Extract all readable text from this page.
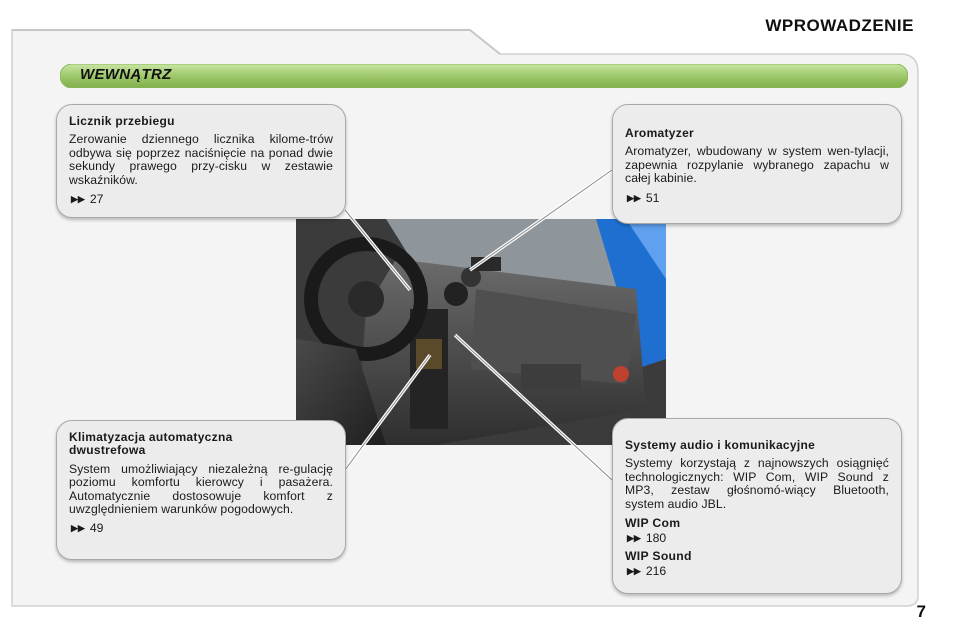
WPROWADZENIE
WEWNĄTRZ
Licznik przebiegu

Zerowanie dziennego licznika kilome-trów odbywa się poprzez naciśnięcie na ponad dwie sekundy prawego przy-cisku w zestawie wskaźników.

▶▶ 27
Aromatyzer

Aromatyzer, wbudowany w system wen-tylacji, zapewnia rozpylanie wybranego zapachu w całej kabinie.

▶▶ 51
Klimatyzacja automatyczna dwustrefowa

System umożliwiający niezależną re-gulację poziomu komfortu kierowcy i pasażera. Automatycznie dostosowuje komfort z uwzględnieniem warunków pogodowych.

▶▶ 49
Systemy audio i komunikacyjne

Systemy korzystają z najnowszych osiągnięć technologicznych: WIP Com, WIP Sound z MP3, zestaw głośnomó-wiący Bluetooth, system audio JBL.

WIP Com
▶▶ 180
WIP Sound
▶▶ 216
7
